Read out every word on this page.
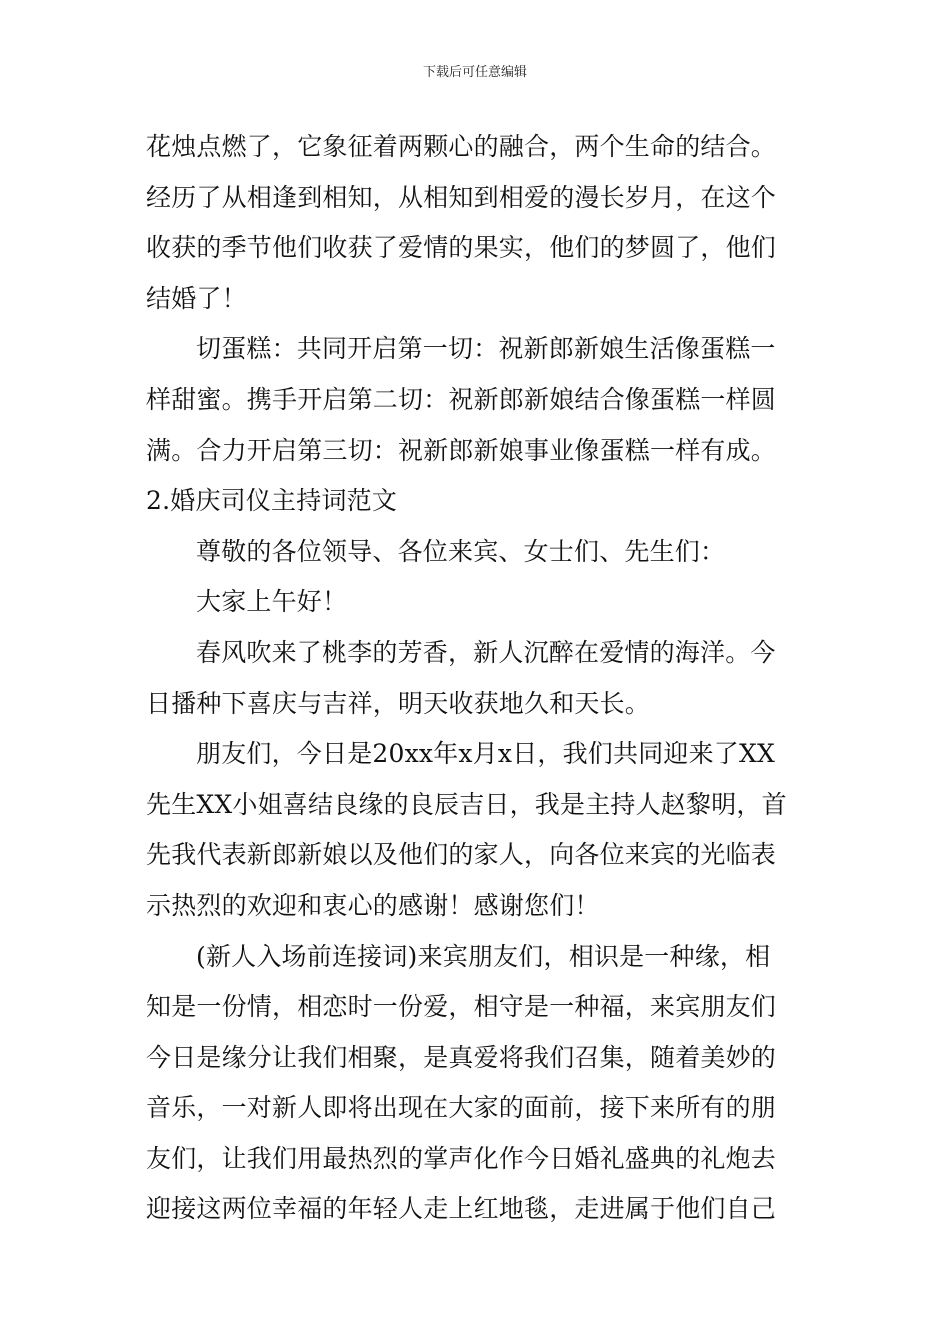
下载后可任意编辑
花烛点燃了，它象征着两颗心的融合，两个生命的结合。
经历了从相逢到相知，从相知到相爱的漫长岁月，在这个
收获的季节他们收获了爱情的果实，他们的梦圆了，他们
结婚了！
切蛋糕：共同开启第一切：祝新郎新娘生活像蛋糕一
样甜蜜。携手开启第二切：祝新郎新娘结合像蛋糕一样圆
满。合力开启第三切：祝新郎新娘事业像蛋糕一样有成。
2.婚庆司仪主持词范文
尊敬的各位领导、各位来宾、女士们、先生们：
大家上午好！
春风吹来了桃李的芳香，新人沉醉在爱情的海洋。今
日播种下喜庆与吉祥，明天收获地久和天长。
朋友们，今日是20xx年x月x日，我们共同迎来了XX
先生XX小姐喜结良缘的良辰吉日，我是主持人赵黎明，首
先我代表新郎新娘以及他们的家人，向各位来宾的光临表
示热烈的欢迎和衷心的感谢！感谢您们！
(新人入场前连接词)来宾朋友们，相识是一种缘，相
知是一份情，相恋时一份爱，相守是一种福，来宾朋友们
今日是缘分让我们相聚，是真爱将我们召集，随着美妙的
音乐，一对新人即将出现在大家的面前，接下来所有的朋
友们，让我们用最热烈的掌声化作今日婚礼盛典的礼炮去
迎接这两位幸福的年轻人走上红地毯，走进属于他们自己
